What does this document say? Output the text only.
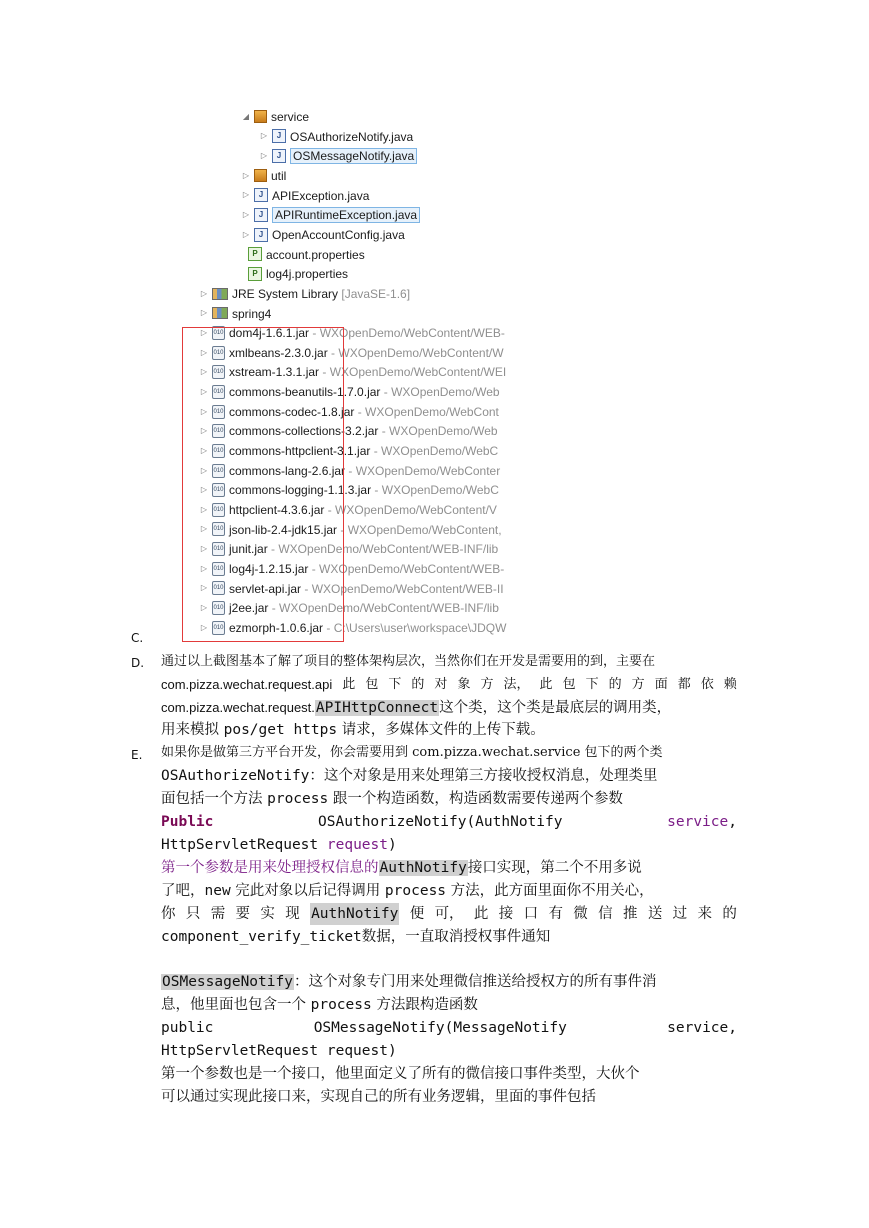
◢ service
▷ J OSAuthorizeNotify.java
▷ J OSMessageNotify.java
▷ util
▷ J APIException.java
▷ J APIRuntimeException.java
▷ J OpenAccountConfig.java
P account.properties
P log4j.properties
▷ JRE System Library [JavaSE-1.6]
▷ spring4
▷ 010 dom4j-1.6.1.jar - WXOpenDemo/WebContent/WEB-
▷ 010 xmlbeans-2.3.0.jar - WXOpenDemo/WebContent/W
▷ 010 xstream-1.3.1.jar - WXOpenDemo/WebContent/WEI
▷ 010 commons-beanutils-1.7.0.jar - WXOpenDemo/Web
▷ 010 commons-codec-1.8.jar - WXOpenDemo/WebCont
▷ 010 commons-collections-3.2.jar - WXOpenDemo/Web
▷ 010 commons-httpclient-3.1.jar - WXOpenDemo/WebC
▷ 010 commons-lang-2.6.jar - WXOpenDemo/WebConter
▷ 010 commons-logging-1.1.3.jar - WXOpenDemo/WebC
▷ 010 httpclient-4.3.6.jar - WXOpenDemo/WebContent/V
▷ 010 json-lib-2.4-jdk15.jar - WXOpenDemo/WebContent,
▷ 010 junit.jar - WXOpenDemo/WebContent/WEB-INF/lib
▷ 010 log4j-1.2.15.jar - WXOpenDemo/WebContent/WEB-
▷ 010 servlet-api.jar - WXOpenDemo/WebContent/WEB-II
▷ 010 j2ee.jar - WXOpenDemo/WebContent/WEB-INF/lib
▷ 010 ezmorph-1.0.6.jar - C:\Users\user\workspace\JDQW
C.
D. 通过以上截图基本了解了项目的整体架构层次，当然你们在开发是需要用的到，主要在
com.pizza.wechat.request.api 此 包 下 的 对 象 方 法， 此 包 下 的 方 面 都 依 赖
com.pizza.wechat.request.APIHttpConnect这个类，这个类是最底层的调用类，
用来模拟 pos/get https 请求，多媒体文件的上传下载。
E. 如果你是做第三方平台开发，你会需要用到 com.pizza.wechat.service 包下的两个类
OSAuthorizeNotify：这个对象是用来处理第三方接收授权消息，处理类里
面包括一个方法 process 跟一个构造函数，构造函数需要传递两个参数
Public	OSAuthorizeNotify(AuthNotify	service,
HttpServletRequest request)
第一个参数是用来处理授权信息的AuthNotify接口实现，第二个不用多说
了吧，new 完此对象以后记得调用 process 方法，此方面里面你不用关心，
你 只 需 要 实 现 AuthNotify 便 可， 此 接 口 有 微 信 推 送 过 来 的
component_verify_ticket数据，一直取消授权事件通知
OSMessageNotify：这个对象专门用来处理微信推送给授权方的所有事件消
息，他里面也包含一个 process 方法跟构造函数
public	OSMessageNotify(MessageNotify	service,
HttpServletRequest request)
第一个参数也是一个接口，他里面定义了所有的微信接口事件类型，大伙个
可以通过实现此接口来，实现自己的所有业务逻辑，里面的事件包括
